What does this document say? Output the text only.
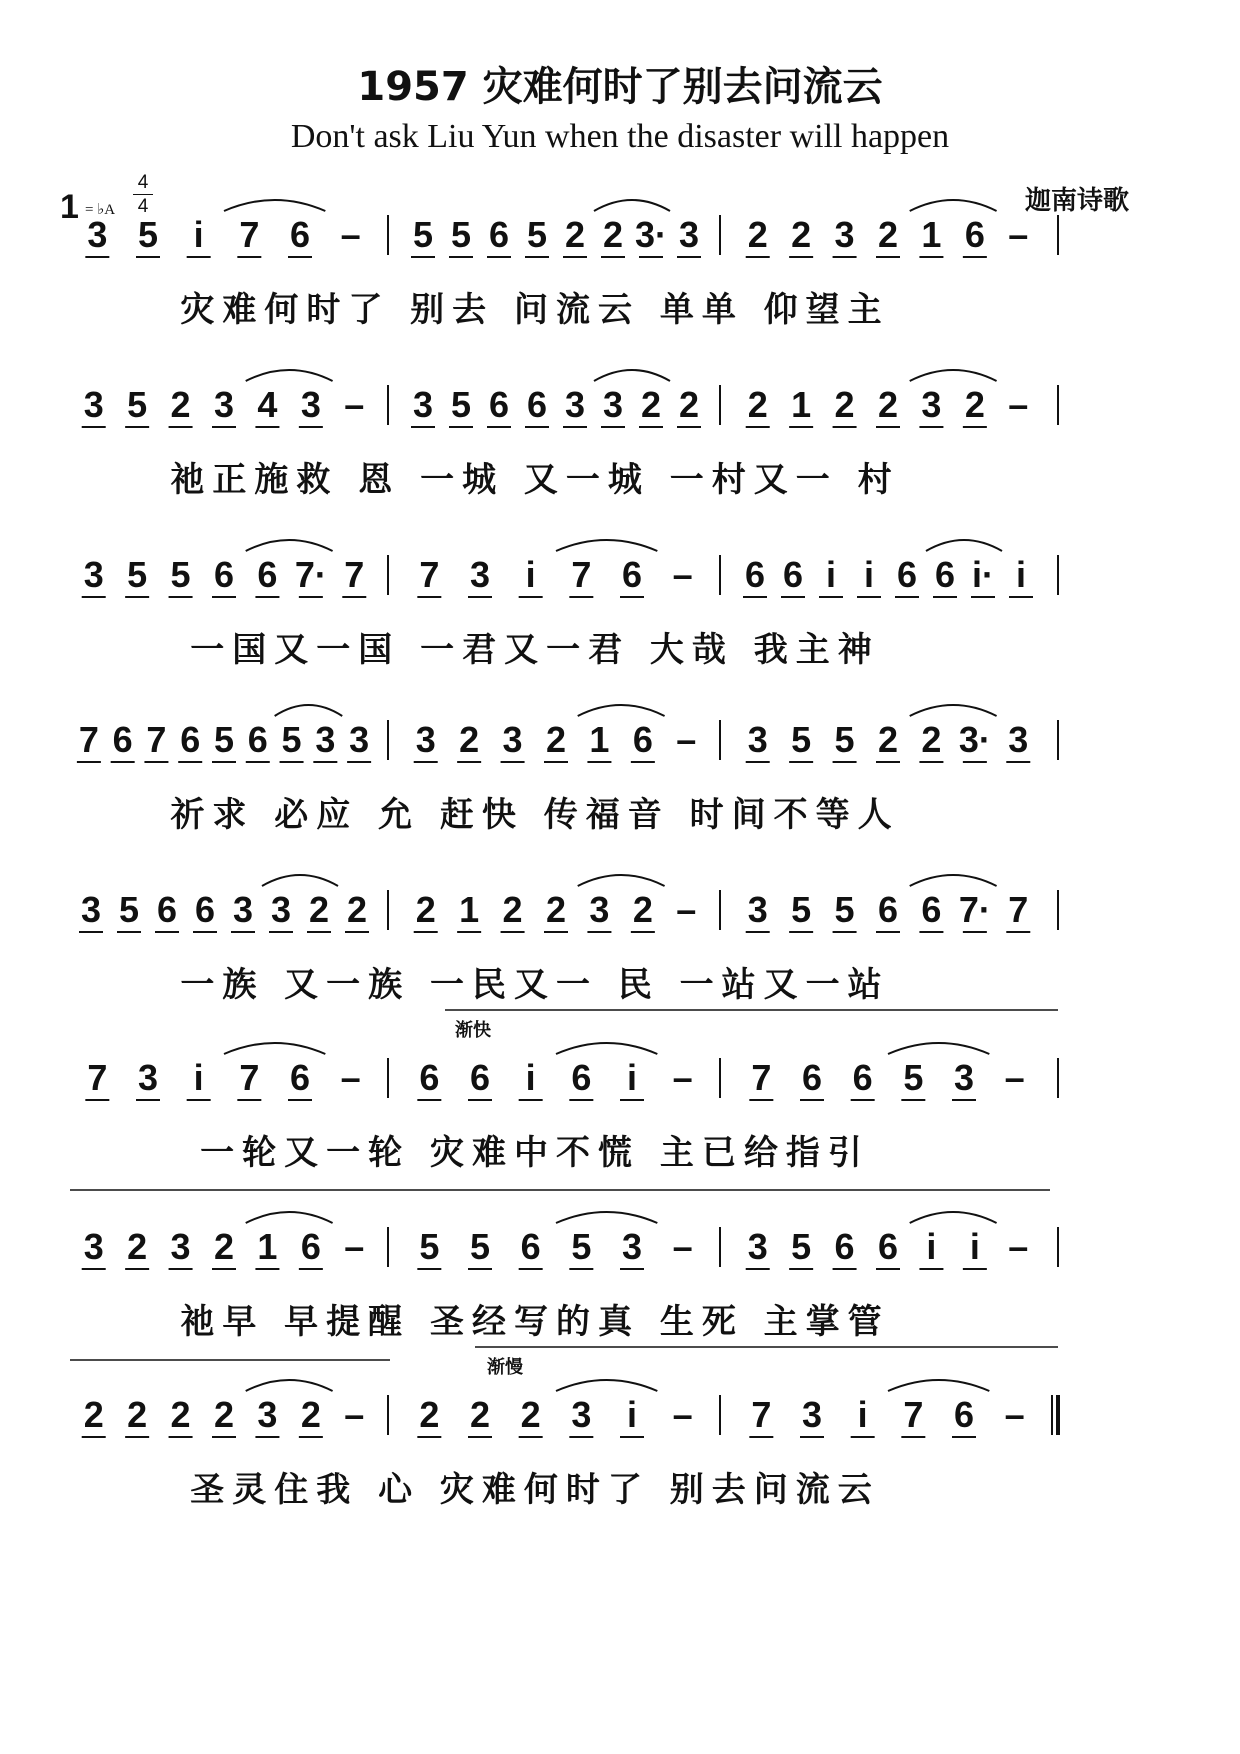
1957 灾难何时了别去问流云
Don't ask Liu Yun when the disaster will happen
1 = ♭A
4
4	迦南诗歌
3 5 i 7 6 – 5 5 6 5 2 2 3· 3 2 2 3 2 1 6 –
灾难何时了 别去 问流云 单单 仰望主
3 5 2 3 4 3 – 3 5 6 6 3 3 2 2 2 1 2 2 3 2 –
祂正施救 恩 一城 又一城 一村又一 村
3 5 5 6 6 7· 7 7 3 i 7 6 – 6 6 i i 6 6 i· i
一国又一国 一君又一君 大哉 我主神
7 6 7 6 5 6 5 3 3 3 2 3 2 1 6 – 3 5 5 2 2 3· 3
祈求 必应 允 赶快 传福音 时间不等人
3 5 6 6 3 3 2 2 2 1 2 2 3 2 – 3 5 5 6 6 7· 7
一族 又一族 一民又一 民 一站又一站
7 3 i 7 6 – 6 6 i 6 i – 7 6 6 5 3 –
一轮又一轮 灾难中不慌 主已给指引
渐快
3 2 3 2 1 6 – 5 5 6 5 3 – 3 5 6 6 i i –
祂早 早提醒 圣经写的真 生死 主掌管
2 2 2 2 3 2 – 2 2 2 3 i – 7 3 i 7 6 –
圣灵住我 心 灾难何时了 别去问流云
渐慢
